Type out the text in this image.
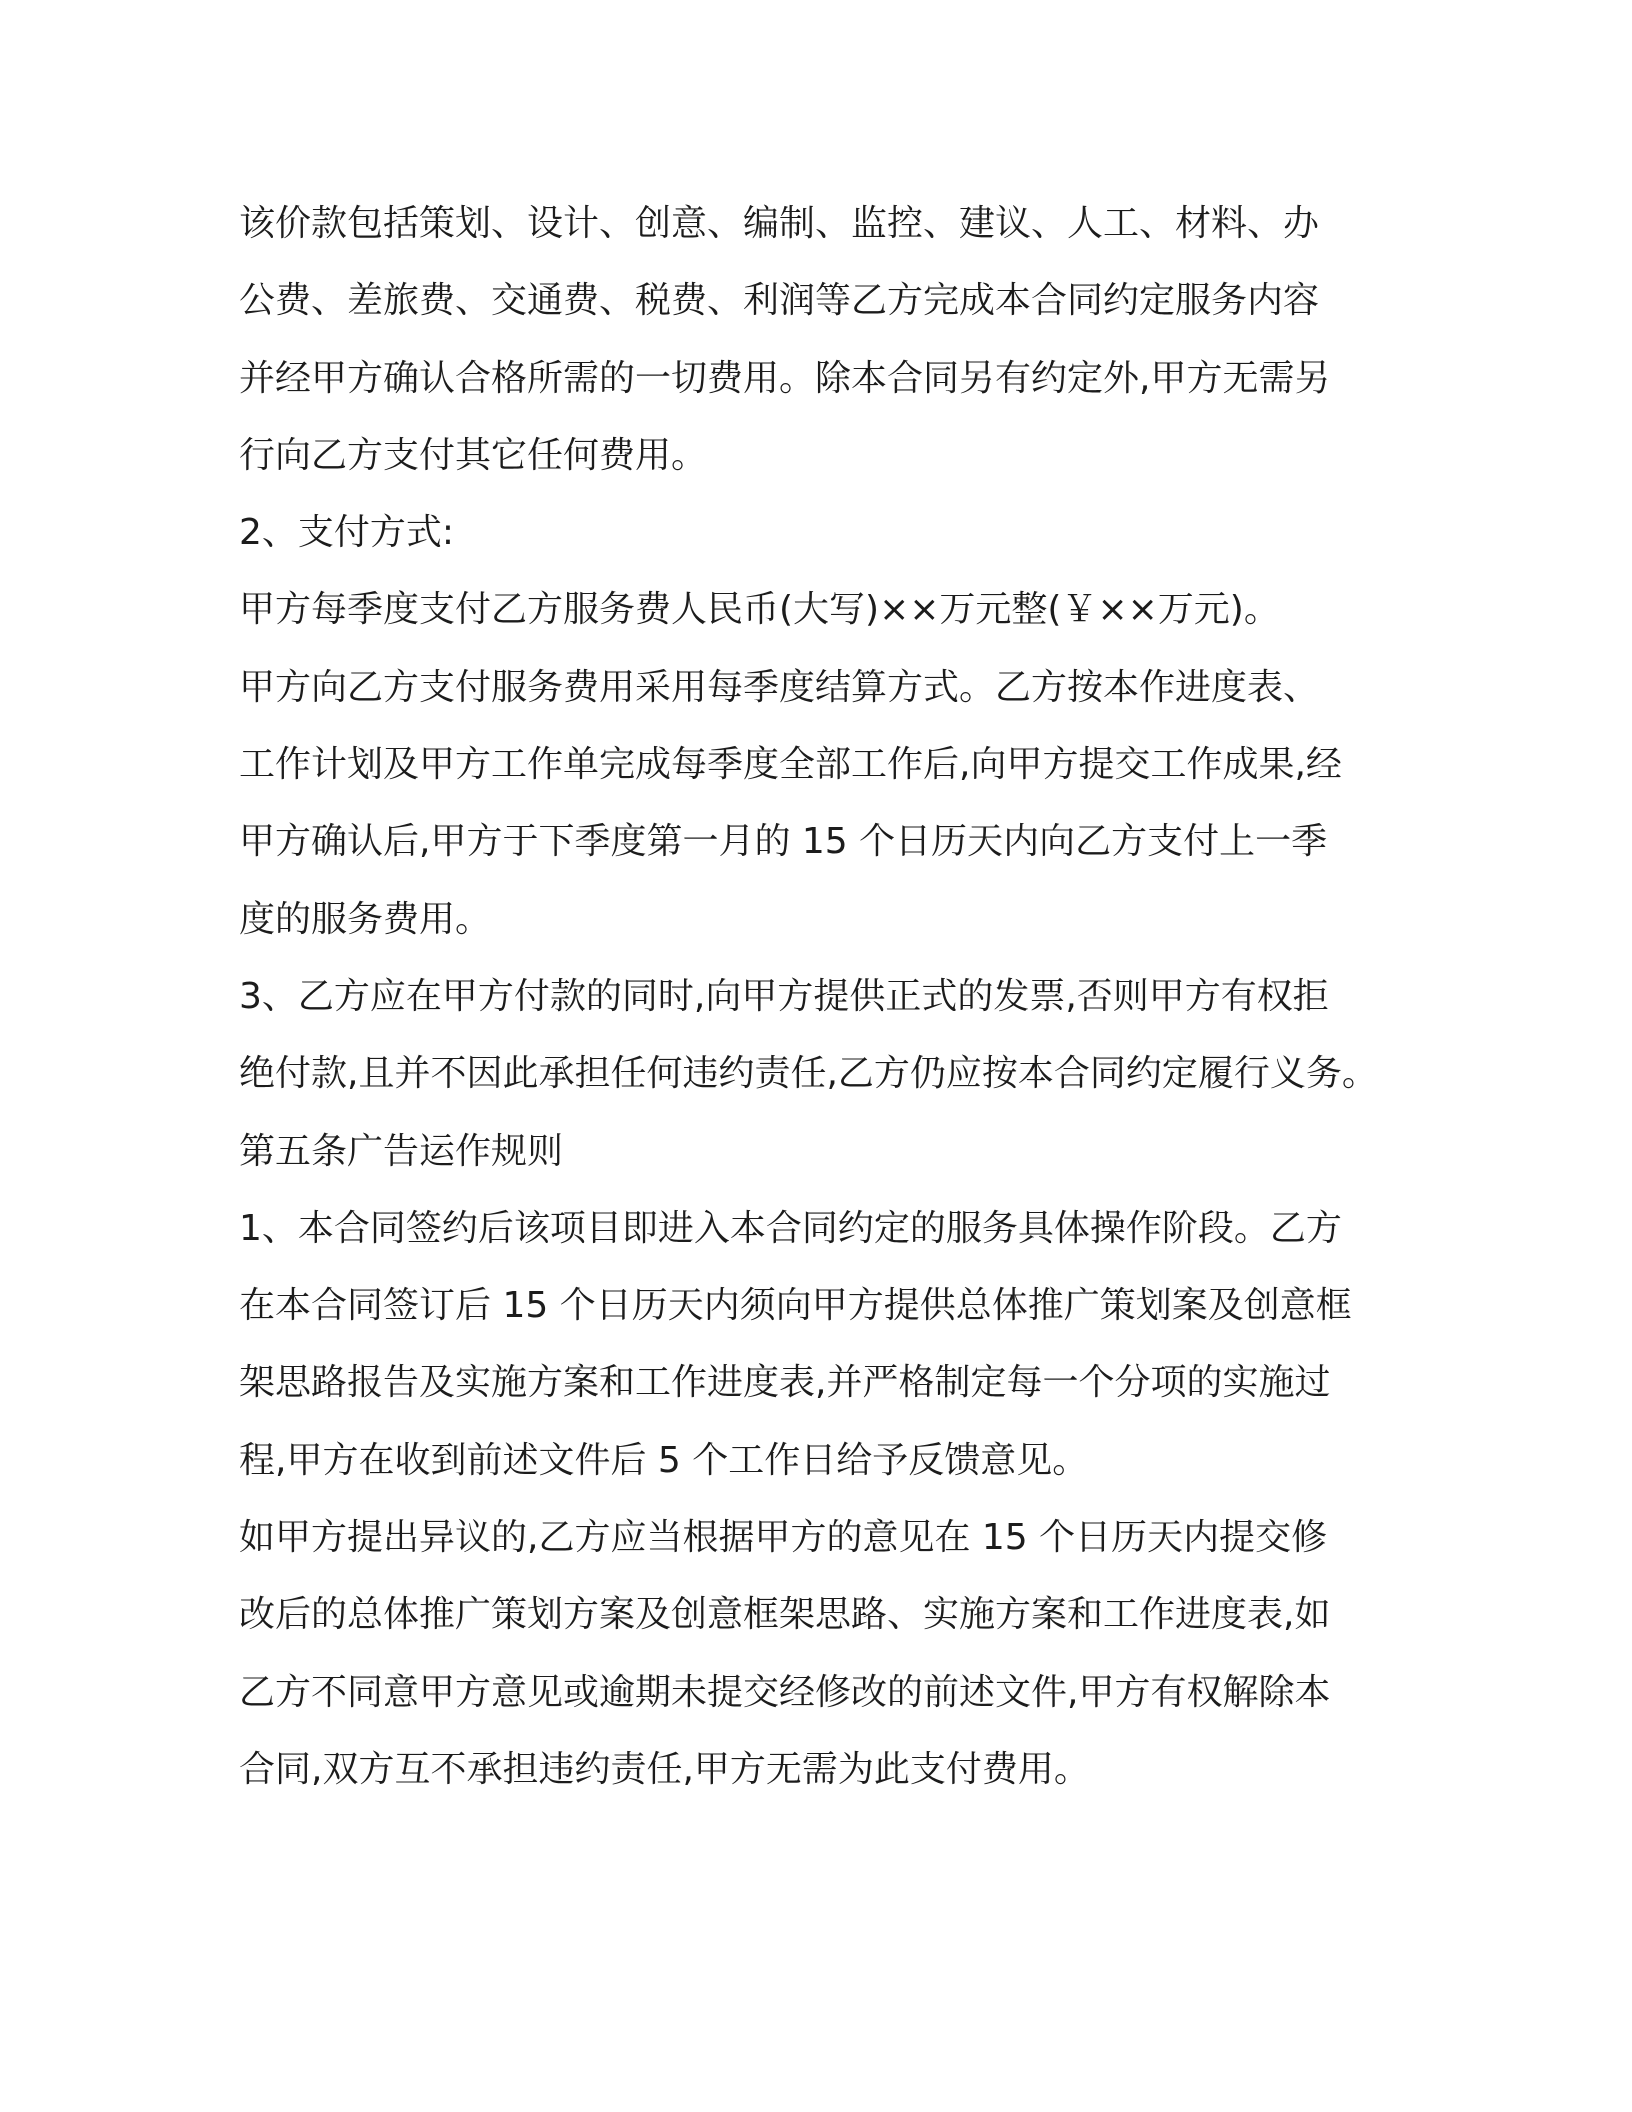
该价款包括策划、设计、创意、编制、监控、建议、人工、材料、办
公费、差旅费、交通费、税费、利润等乙方完成本合同约定服务内容
并经甲方确认合格所需的一切费用。除本合同另有约定外,甲方无需另
行向乙方支付其它任何费用。
2、支付方式:
甲方每季度支付乙方服务费人民币(大写)××万元整(￥××万元)。
甲方向乙方支付服务费用采用每季度结算方式。乙方按本作进度表、
工作计划及甲方工作单完成每季度全部工作后,向甲方提交工作成果,经
甲方确认后,甲方于下季度第一月的 15 个日历天内向乙方支付上一季
度的服务费用。
3、乙方应在甲方付款的同时,向甲方提供正式的发票,否则甲方有权拒
绝付款,且并不因此承担任何违约责任,乙方仍应按本合同约定履行义务。
第五条广告运作规则
1、本合同签约后该项目即进入本合同约定的服务具体操作阶段。乙方
在本合同签订后 15 个日历天内须向甲方提供总体推广策划案及创意框
架思路报告及实施方案和工作进度表,并严格制定每一个分项的实施过
程,甲方在收到前述文件后 5 个工作日给予反馈意见。
如甲方提出异议的,乙方应当根据甲方的意见在 15 个日历天内提交修
改后的总体推广策划方案及创意框架思路、实施方案和工作进度表,如
乙方不同意甲方意见或逾期未提交经修改的前述文件,甲方有权解除本
合同,双方互不承担违约责任,甲方无需为此支付费用。
